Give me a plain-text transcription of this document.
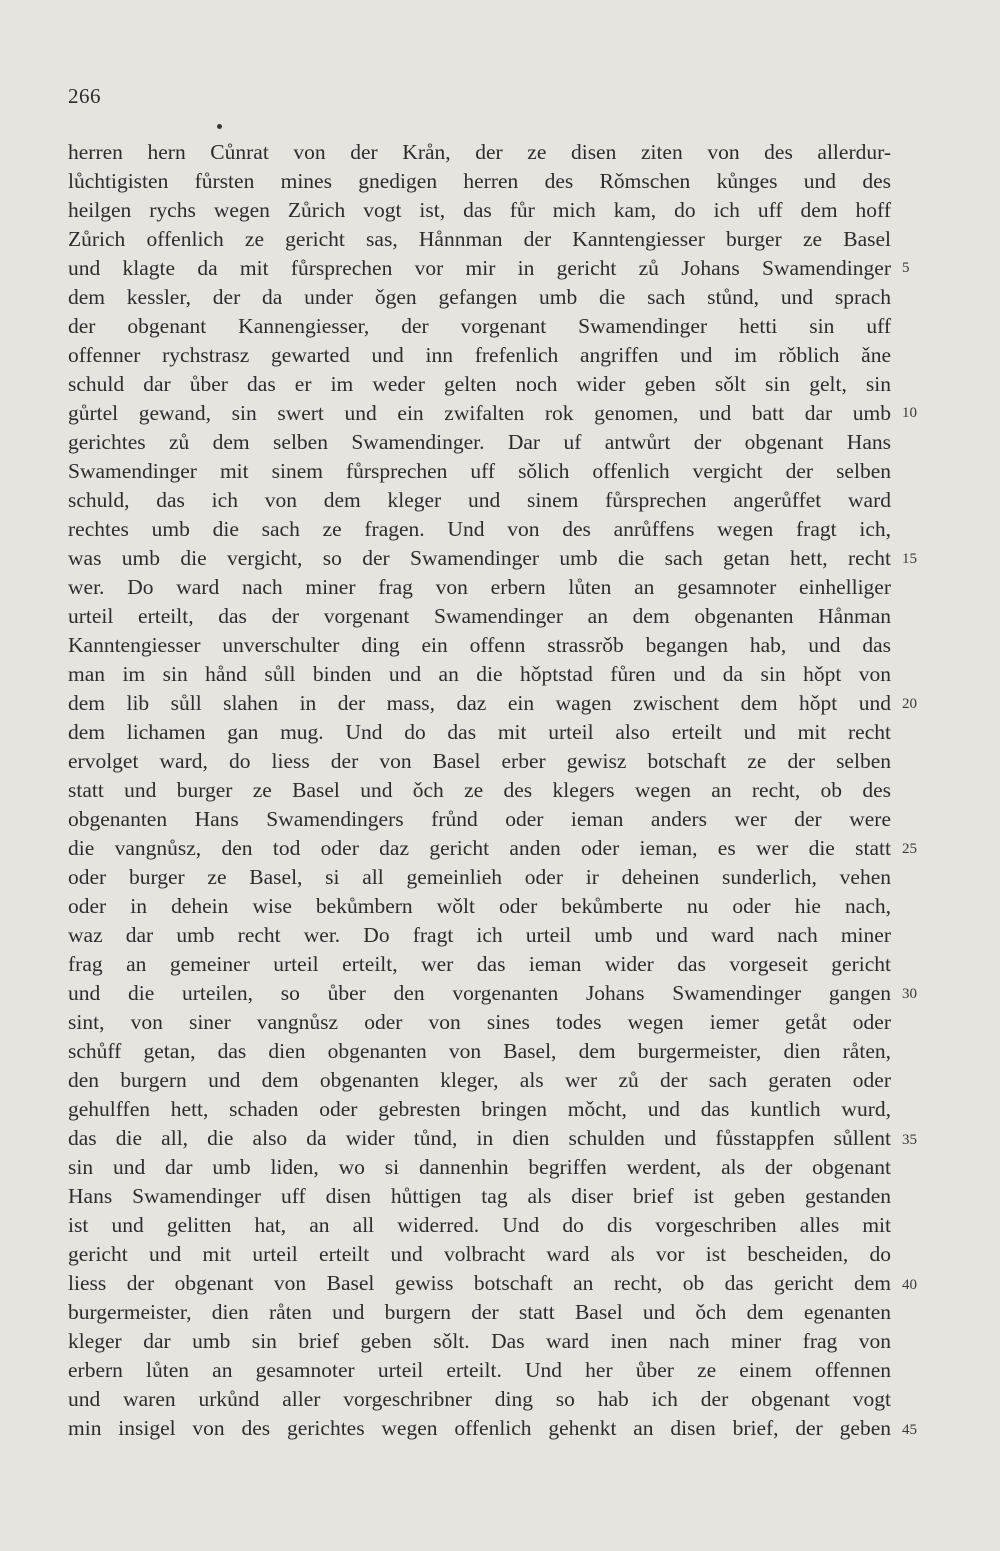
266
herren hern Cůnrat von der Krån, der ze disen ziten von des allerdur-
lůchtigisten fůrsten mines gnedigen herren des Rǒmschen kůnges und des
heilgen rychs wegen Zůrich vogt ist, das fůr mich kam, do ich uff dem hoff
Zůrich offenlich ze gericht sas, Hånnman der Kanntengiesser burger ze Basel
und klagte da mit fůrsprechen vor mir in gericht zů Johans Swamendinger
dem kessler, der da under ǒgen gefangen umb die sach stůnd, und sprach
der obgenant Kannengiesser, der vorgenant Swamendinger hetti sin uff
offenner rychstrasz gewarted und inn frefenlich angriffen und im rǒblich ǎne
schuld dar ůber das er im weder gelten noch wider geben sǒlt sin gelt, sin
gůrtel gewand, sin swert und ein zwifalten rok genomen, und batt dar umb
gerichtes zů dem selben Swamendinger. Dar uf antwůrt der obgenant Hans
Swamendinger mit sinem fůrsprechen uff sǒlich offenlich vergicht der selben
schuld, das ich von dem kleger und sinem fůrsprechen angerůffet ward
rechtes umb die sach ze fragen. Und von des anrůffens wegen fragt ich,
was umb die vergicht, so der Swamendinger umb die sach getan hett, recht
wer. Do ward nach miner frag von erbern lůten an gesamnoter einhelliger
urteil erteilt, das der vorgenant Swamendinger an dem obgenanten Hånman
Kanntengiesser unverschulter ding ein offenn strassrǒb begangen hab, und das
man im sin hånd sůll binden und an die hǒptstad fůren und da sin hǒpt von
dem lib sůll slahen in der mass, daz ein wagen zwischent dem hǒpt und
dem lichamen gan mug. Und do das mit urteil also erteilt und mit recht
ervolget ward, do liess der von Basel erber gewisz botschaft ze der selben
statt und burger ze Basel und ǒch ze des klegers wegen an recht, ob des
obgenanten Hans Swamendingers frůnd oder ieman anders wer der were
die vangnůsz, den tod oder daz gericht anden oder ieman, es wer die statt
oder burger ze Basel, si all gemeinlieh oder ir deheinen sunderlich, vehen
oder in dehein wise bekůmbern wǒlt oder bekůmberte nu oder hie nach,
waz dar umb recht wer. Do fragt ich urteil umb und ward nach miner
frag an gemeiner urteil erteilt, wer das ieman wider das vorgeseit gericht
und die urteilen, so ůber den vorgenanten Johans Swamendinger gangen
sint, von siner vangnůsz oder von sines todes wegen iemer getåt oder
schůff getan, das dien obgenanten von Basel, dem burgermeister, dien råten,
den burgern und dem obgenanten kleger, als wer zů der sach geraten oder
gehulffen hett, schaden oder gebresten bringen mǒcht, und das kuntlich wurd,
das die all, die also da wider tůnd, in dien schulden und fůsstappfen sůllent
sin und dar umb liden, wo si dannenhin begriffen werdent, als der obgenant
Hans Swamendinger uff disen hůttigen tag als diser brief ist geben gestanden
ist und gelitten hat, an all widerred. Und do dis vorgeschriben alles mit
gericht und mit urteil erteilt und volbracht ward als vor ist bescheiden, do
liess der obgenant von Basel gewiss botschaft an recht, ob das gericht dem
burgermeister, dien råten und burgern der statt Basel und ǒch dem egenanten
kleger dar umb sin brief geben sǒlt. Das ward inen nach miner frag von
erbern lůten an gesamnoter urteil erteilt. Und her ůber ze einem offennen
und waren urkůnd aller vorgeschribner ding so hab ich der obgenant vogt
min insigel von des gerichtes wegen offenlich gehenkt an disen brief, der geben
5
10
15
20
25
30
35
40
45
